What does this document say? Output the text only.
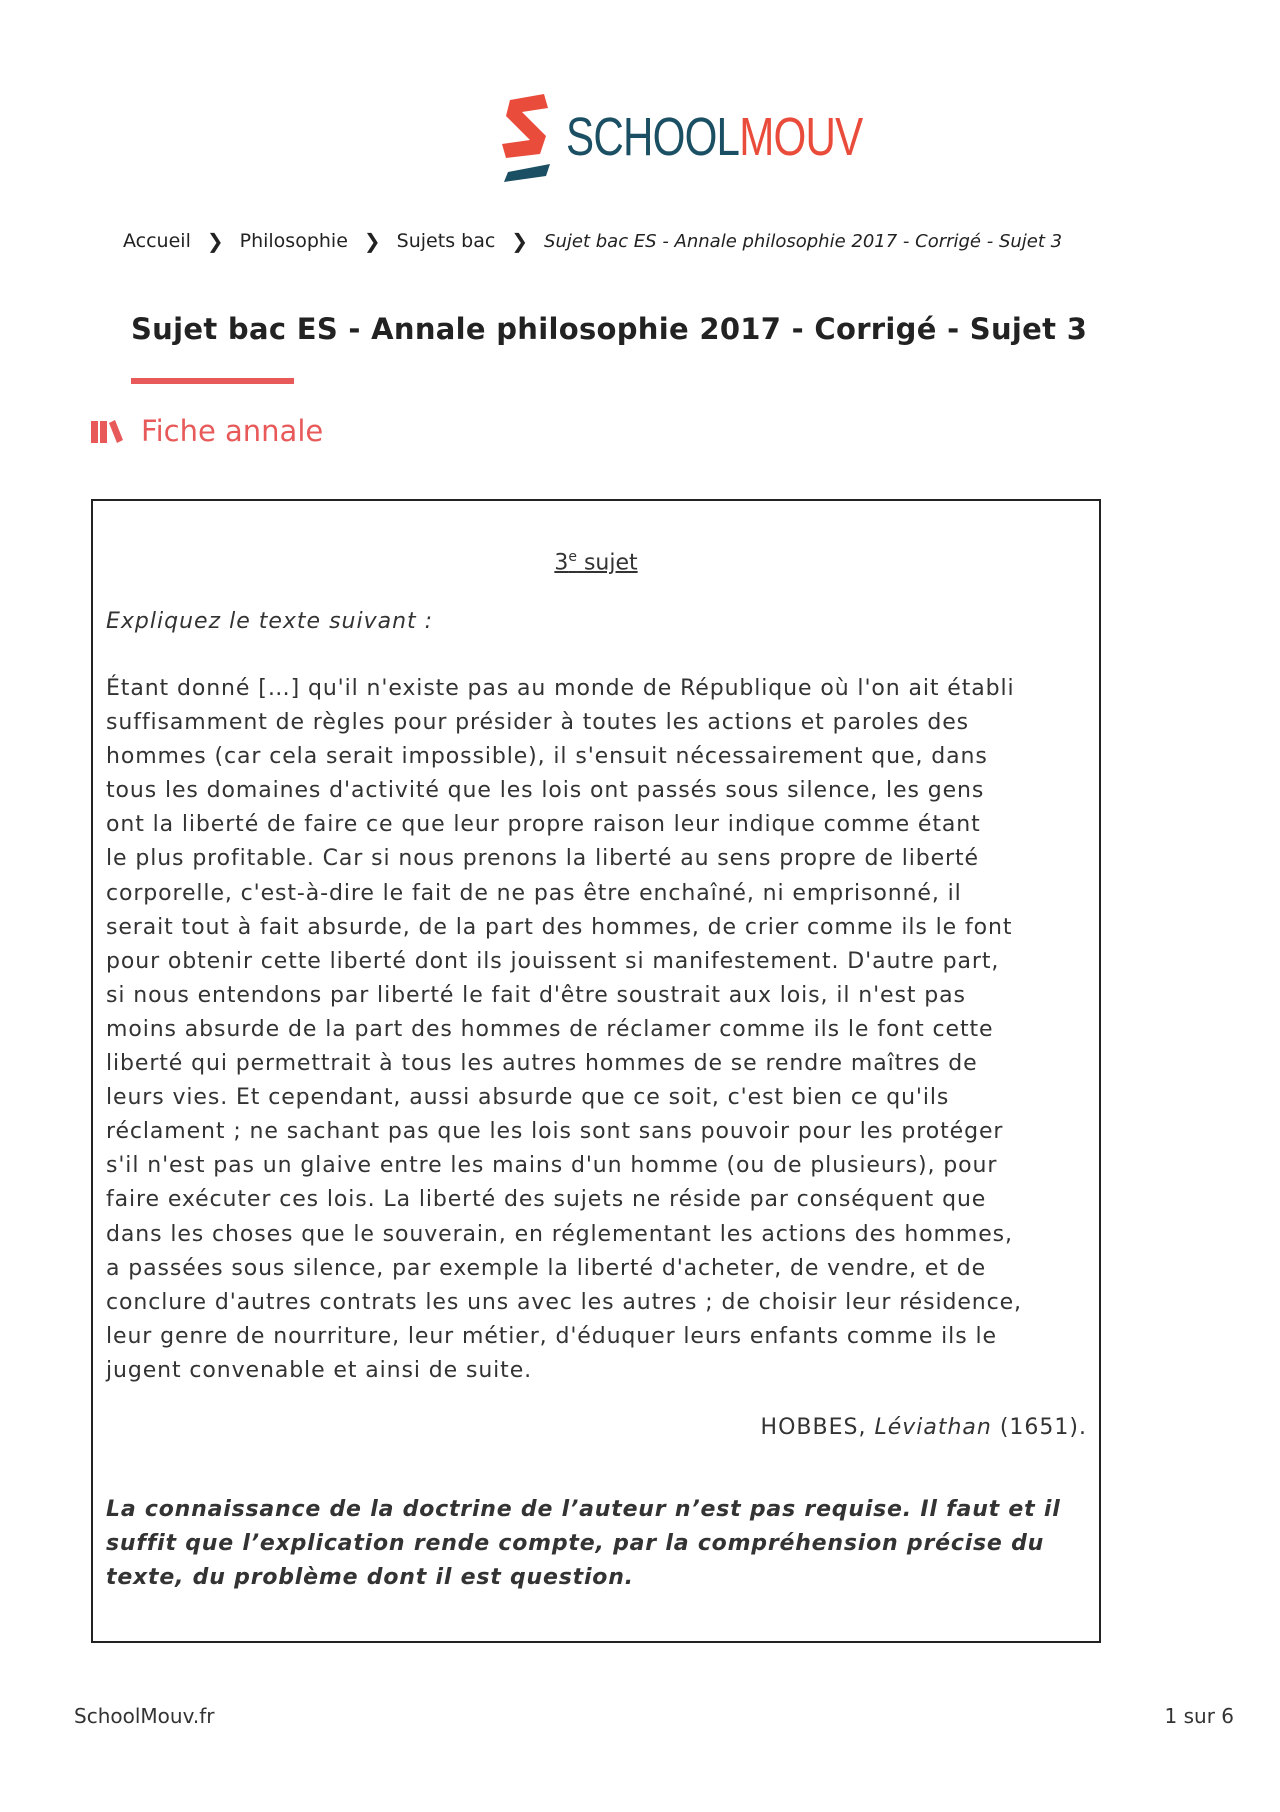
SCHOOLMOUV
Accueil ❯ Philosophie ❯ Sujets bac ❯ Sujet bac ES - Annale philosophie 2017 - Corrigé - Sujet 3
Sujet bac ES - Annale philosophie 2017 - Corrigé - Sujet 3
Fiche annale
3e sujet
Expliquez le texte suivant :
Étant donné […] qu'il n'existe pas au monde de République où l'on ait établi
suffisamment de règles pour présider à toutes les actions et paroles des
hommes (car cela serait impossible), il s'ensuit nécessairement que, dans
tous les domaines d'activité que les lois ont passés sous silence, les gens
ont la liberté de faire ce que leur propre raison leur indique comme étant
le plus profitable. Car si nous prenons la liberté au sens propre de liberté
corporelle, c'est-à-dire le fait de ne pas être enchaîné, ni emprisonné, il
serait tout à fait absurde, de la part des hommes, de crier comme ils le font
pour obtenir cette liberté dont ils jouissent si manifestement. D'autre part,
si nous entendons par liberté le fait d'être soustrait aux lois, il n'est pas
moins absurde de la part des hommes de réclamer comme ils le font cette
liberté qui permettrait à tous les autres hommes de se rendre maîtres de
leurs vies. Et cependant, aussi absurde que ce soit, c'est bien ce qu'ils
réclament ; ne sachant pas que les lois sont sans pouvoir pour les protéger
s'il n'est pas un glaive entre les mains d'un homme (ou de plusieurs), pour
faire exécuter ces lois. La liberté des sujets ne réside par conséquent que
dans les choses que le souverain, en réglementant les actions des hommes,
a passées sous silence, par exemple la liberté d'acheter, de vendre, et de
conclure d'autres contrats les uns avec les autres ; de choisir leur résidence,
leur genre de nourriture, leur métier, d'éduquer leurs enfants comme ils le
jugent convenable et ainsi de suite.
HOBBES, Léviathan (1651).
La connaissance de la doctrine de l’auteur n’est pas requise. Il faut et il
suffit que l’explication rende compte, par la compréhension précise du
texte, du problème dont il est question.
SchoolMouv.fr	1 sur 6
